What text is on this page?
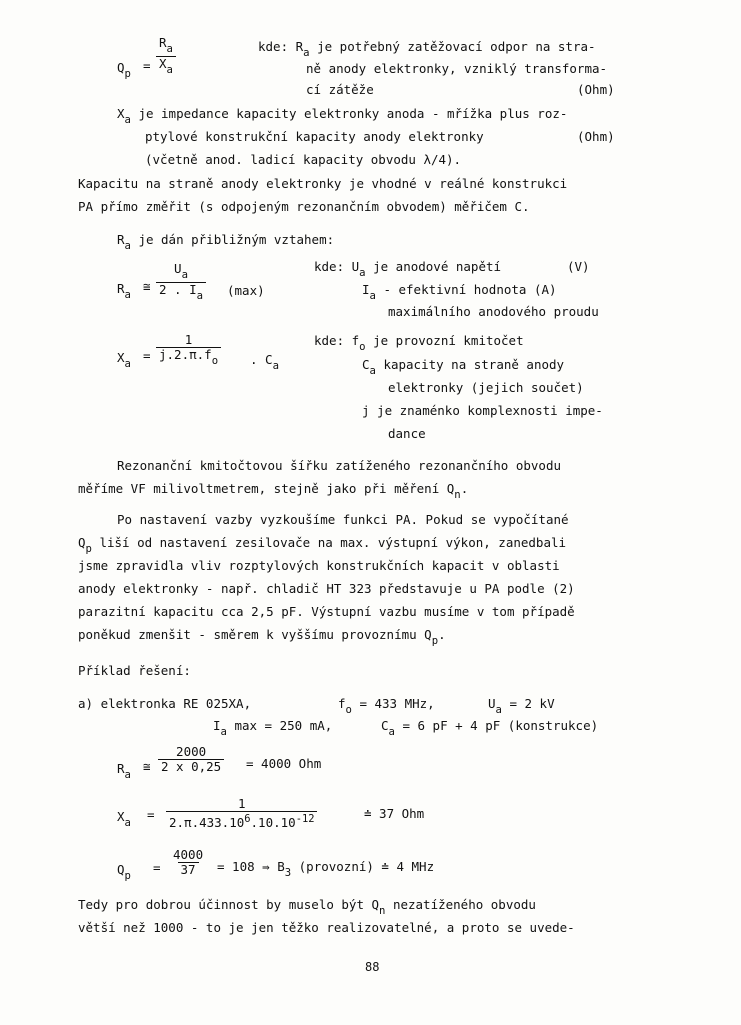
$Q_p$
= $\frac{R_a}{X_a}$	kde: $R_a$ je potřebný zatěžovací odpor na stra-
ně anody elektronky, vzniklý transforma-
cí zátěže	(Ohm)
$X_a$ je impedance kapacity elektronky anoda - mřížka plus roz-
ptylové konstrukční kapacity anody elektronky	(Ohm)
(včetně anod. ladicí kapacity obvodu λ/4).
Kapacitu na straně anody elektronky je vhodné v reálné konstrukci
PA přímo změřit (s odpojeným rezonančním obvodem) měřičem C.
$R_a$ je dán přibližným vztahem:
$R_a$
≅ $\frac{U_a}{2 . I_a} (\max)$
kde: $U_a$ je anodové napětí	(V)
$I_a$ - efektivní hodnota (A)
maximálního anodového proudu
$X_a$
= $\frac{1}{j.2.\pi.f_o}$ . $C_a$
kde: $f_o$ je provozní kmitočet
$C_a$ kapacity na straně anody
elektronky (jejich součet)
j je znaménko komplexnosti impe-
dance
Rezonanční kmitočtovou šířku zatíženého rezonančního obvodu
měříme VF milivoltmetrem, stejně jako při měření $Q_n$.
Po nastavení vazby vyzkoušíme funkci PA. Pokud se vypočítané
$Q_p$ liší od nastavení zesilovače na max. výstupní výkon, zanedbali
jsme zpravidla vliv rozptylových konstrukčních kapacit v oblasti
anody elektronky - např. chladič HT 323 představuje u PA podle (2)
parazitní kapacitu cca 2,5 pF. Výstupní vazbu musíme v tom případě
poněkud zmenšit - směrem k vyššímu provoznímu $Q_p$.
Příklad řešení:
a) elektronka RE 025XA,	$f_o = 433$ MHz,	$U_a = 2$ kV
$I_a$ max = 250 mA,	$C_a = 6$ pF + 4 pF (konstrukce)
$R_a$
≅ $\frac{2000}{2 x 0,25} = 4000$ Ohm
$X_a$
= $\frac{1}{2.\pi.433.10^6.10.10^{-12}}$	≐ 37 Ohm
$Q_p$
= $\frac{4000}{37} = 108$ ⇛ $B_3$ (provozní) ≐ 4 MHz
Tedy pro dobrou účinnost by muselo být $Q_n$ nezatíženého obvodu
větší než 1000 - to je jen těžko realizovatelné, a proto se uvede-
88
